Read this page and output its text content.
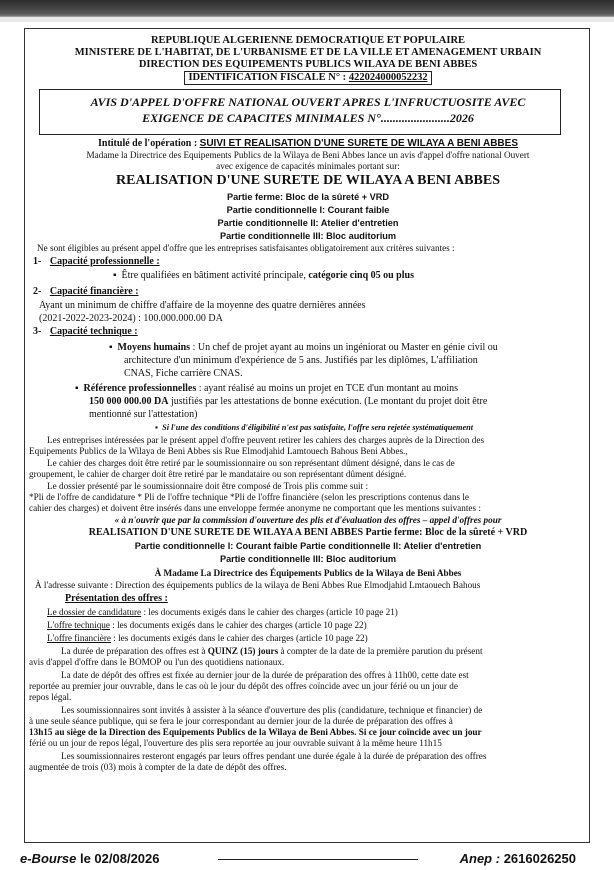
REPUBLIQUE ALGERIENNE DEMOCRATIQUE ET POPULAIRE
MINISTERE DE L'HABITAT, DE L'URBANISME ET DE LA VILLE ET AMENAGEMENT URBAIN
DIRECTION DES EQUIPEMENTS PUBLICS WILAYA DE BENI ABBES
IDENTIFICATION FISCALE N° : 422024000052232
AVIS D'APPEL D'OFFRE NATIONAL OUVERT APRES L'INFRUCTUOSITE AVEC
EXIGENCE DE CAPACITES MINIMALES N°.......................2026
Intitulé de l'opération : SUIVI ET REALISATION D'UNE SURETE DE WILAYA A BENI ABBES
Madame la Directrice des Equipements Publics de la Wilaya de Beni Abbes lance un avis d'appel d'offre national Ouvert
avec exigence de capacités minimales portant sur:
REALISATION D'UNE SURETE DE WILAYA A BENI ABBES
Partie ferme: Bloc de la sûreté + VRD
Partie conditionnelle I: Courant faible
Partie conditionnelle II: Atelier d'entretien
Partie conditionnelle III: Bloc auditorium
Ne sont éligibles au présent appel d'offre que les entreprises satisfaisantes obligatoirement aux critères suivantes :
1- Capacité professionnelle :
▪ Être qualifiées en bâtiment activité principale, catégorie cinq 05 ou plus
2- Capacité financière :
Ayant un minimum de chiffre d'affaire de la moyenne des quatre dernières années
(2021-2022-2023-2024) : 100.000.000.00 DA
3- Capacité technique :
▪ Moyens humains : Un chef de projet ayant au moins un ingéniorat ou Master en génie civil ou
architecture d'un minimum d'expérience de 5 ans. Justifiés par les diplômes, L'affiliation
CNAS, Fiche carrière CNAS.
▪ Référence professionnelles : ayant réalisé au moins un projet en TCE d'un montant au moins
150 000 000.00 DA justifiés par les attestations de bonne exécution. (Le montant du projet doit être
mentionné sur l'attestation)
▪ Si l'une des conditions d'éligibilité n'est pas satisfaite, l'offre sera rejetée systématiquement
Les entreprises intéressées par le présent appel d'offre peuvent retirer les cahiers des charges auprès de la Direction des
Equipements Publics de la Wilaya de Beni Abbes sis Rue Elmodjahid Lamtouech Bahous Beni Abbes.,
Le cahier des charges doit être retiré par le soumissionnaire ou son représentant dûment désigné, dans le cas de
groupement, le cahier de charger doit être retiré par le mandataire ou son représentant dûment désigné.
Le dossier présenté par le soumissionnaire doit être composé de Trois plis comme suit :
*Pli de l'offre de candidature * Pli de l'offre technique *Pli de l'offre financière (selon les prescriptions contenus dans le
cahier des charges) et doivent être insérés dans une enveloppe fermée anonyme ne comportant que les mentions suivantes :
« à n'ouvrir que par la commission d'ouverture des plis et d'évaluation des offres – appel d'offres pour
REALISATION D'UNE SURETE DE WILAYA A BENI ABBES Partie ferme: Bloc de la sûreté + VRD
Partie conditionnelle I: Courant faible Partie conditionnelle II: Atelier d'entretien
Partie conditionnelle III: Bloc auditorium
À Madame La Directrice des Équipements Publics de la Wilaya de Beni Abbes
À l'adresse suivante : Direction des équipements publics de la wilaya de Beni Abbes Rue Elmodjahid Lmtaouech Bahous
Présentation des offres :
Le dossier de candidature : les documents exigés dans le cahier des charges (article 10 page 21)
L'offre technique : les documents exigés dans le cahier des charges (article 10 page 22)
L'offre financière : les documents exigés dans le cahier des charges (article 10 page 22)
La durée de préparation des offres est à QUINZ (15) jours à compter de la date de la première parution du présent
avis d'appel d'offre dans le BOMOP ou l'un des quotidiens nationaux.
La date de dépôt des offres est fixée au dernier jour de la durée de préparation des offres à 11h00, cette date est
reportée au premier jour ouvrable, dans le cas où le jour du dépôt des offres coïncide avec un jour férié ou un jour de
repos légal.
Les soumissionnaires sont invités à assister à la séance d'ouverture des plis (candidature, technique et financier) de
à une seule séance publique, qui se fera le jour correspondant au dernier jour de la durée de préparation des offres à
13h15 au siège de la Direction des Equipements Publics de la Wilaya de Beni Abbes. Si ce jour coïncide avec un jour
férié ou un jour de repos légal, l'ouverture des plis sera reportée au jour ouvrable suivant à la même heure 11h15
Les soumissionnaires resteront engagés par leurs offres pendant une durée égale à la durée de préparation des offres
augmentée de trois (03) mois à compter de la date de dépôt des offres.
e-Bourse le 02/08/2026	Anep : 2616026250
